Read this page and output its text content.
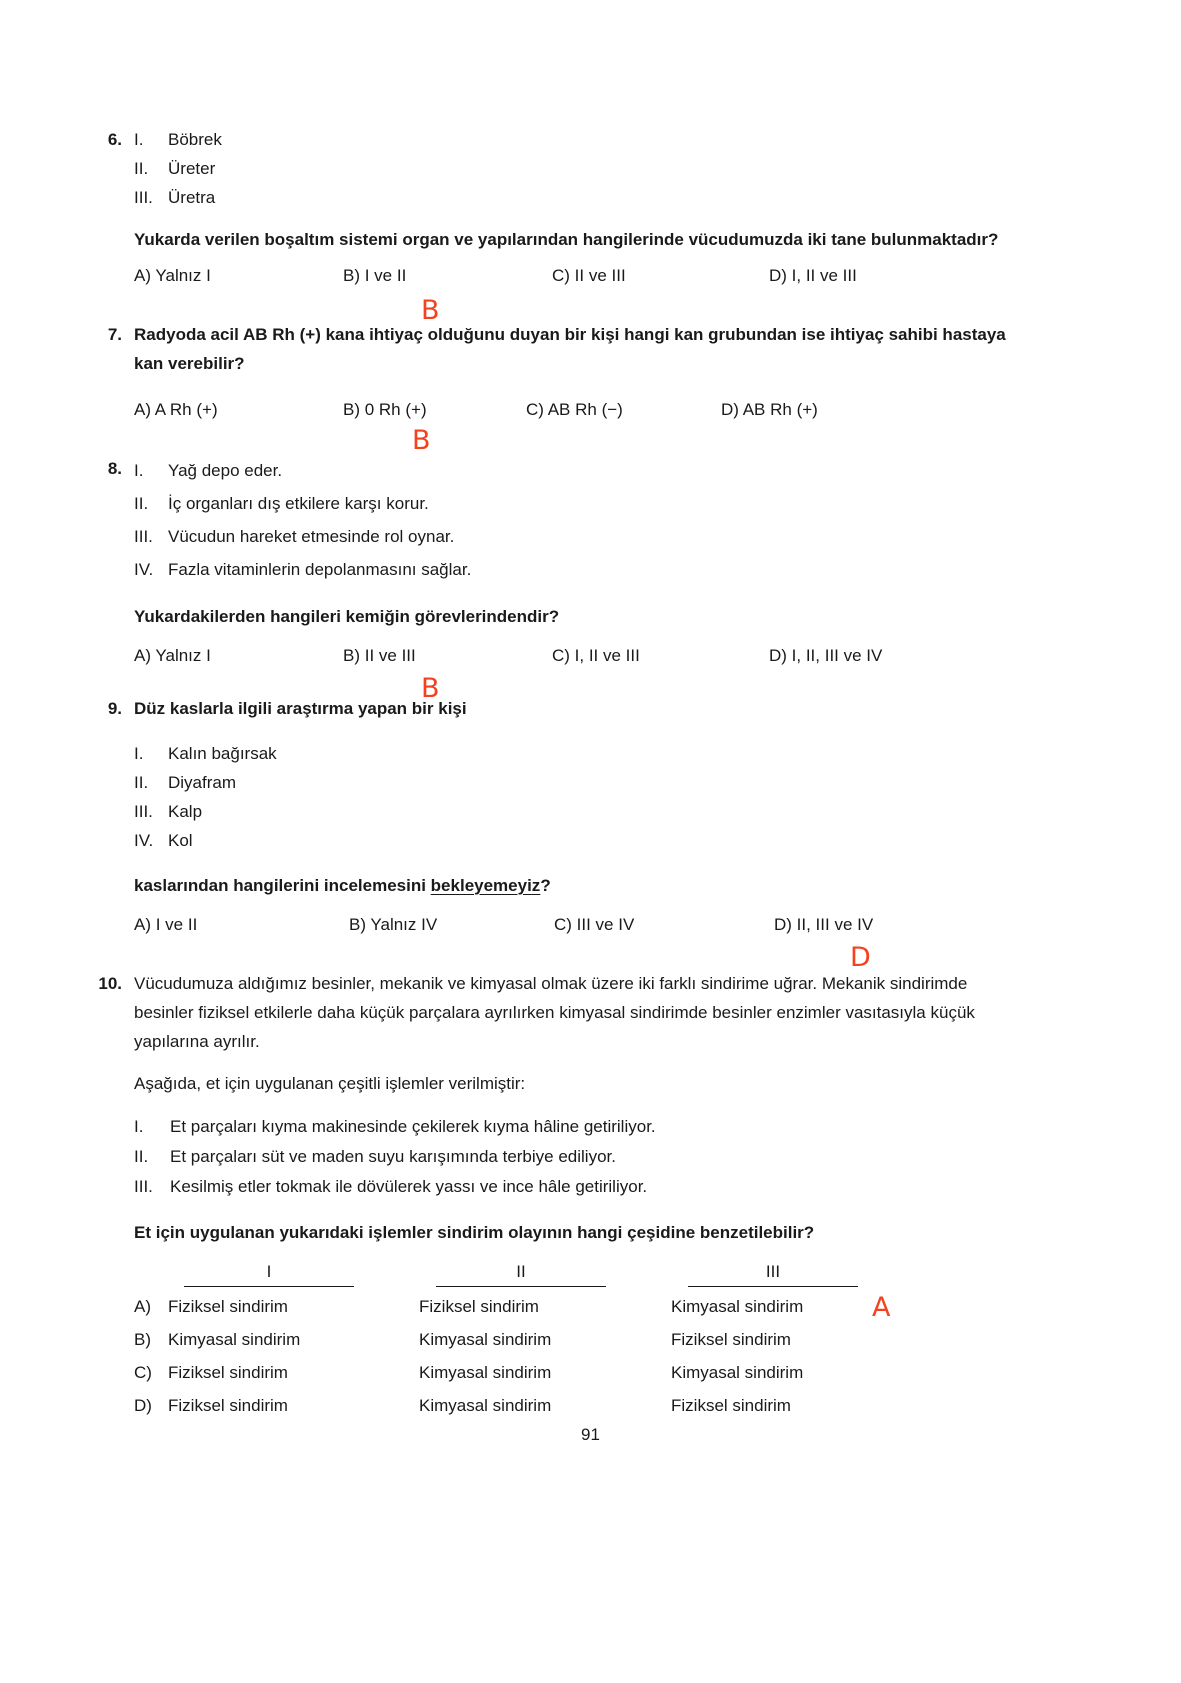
6. I.	Böbrek
II.	Üreter
III. Üretra
Yukarda verilen boşaltım sistemi organ ve yapılarından hangilerinde vücudumuzda iki tane bulunmaktadır?
A) Yalnız I	B) I ve II	C) II ve III	D) I, II ve III
B
7. Radyoda acil AB Rh (+) kana ihtiyaç olduğunu duyan bir kişi hangi kan grubundan ise ihtiyaç sahibi hastaya kan verebilir?
A) A Rh (+)	B) 0 Rh (+)	C) AB Rh (−)	D) AB Rh (+)
B
8. I.	Yağ depo eder.
II.	İç organları dış etkilere karşı korur.
III. Vücudun hareket etmesinde rol oynar.
IV. Fazla vitaminlerin depolanmasını sağlar.
Yukardakilerden hangileri kemiğin görevlerindendir?
A) Yalnız I	B) II ve III	C) I, II ve III	D) I, II, III ve IV
B
9. Düz kaslarla ilgili araştırma yapan bir kişi
I.	Kalın bağırsak
II.	Diyafram
III. Kalp
IV. Kol
kaslarından hangilerini incelemesini bekleyemeyiz?
A) I ve II	B) Yalnız IV	C) III ve IV	D) II, III ve IV
D
10. Vücudumuza aldığımız besinler, mekanik ve kimyasal olmak üzere iki farklı sindirime uğrar. Mekanik sindirimde besinler fiziksel etkilerle daha küçük parçalara ayrılırken kimyasal sindirimde besinler enzimler vasıtasıyla küçük yapılarına ayrılır.
Aşağıda, et için uygulanan çeşitli işlemler verilmiştir:
I.	Et parçaları kıyma makinesinde çekilerek kıyma hâline getiriliyor.
II.	Et parçaları süt ve maden suyu karışımında terbiye ediliyor.
III.	Kesilmiş etler tokmak ile dövülerek yassı ve ince hâle getiriliyor.
Et için uygulanan yukarıdaki işlemler sindirim olayının hangi çeşidine benzetilebilir?
I	II	III
A)	Fiziksel sindirim	Fiziksel sindirim	Kimyasal sindirim	A
B)	Kimyasal sindirim	Kimyasal sindirim	Fiziksel sindirim
C) Fiziksel sindirim	Kimyasal sindirim	Kimyasal sindirim
D) Fiziksel sindirim	Kimyasal sindirim	Fiziksel sindirim
91
